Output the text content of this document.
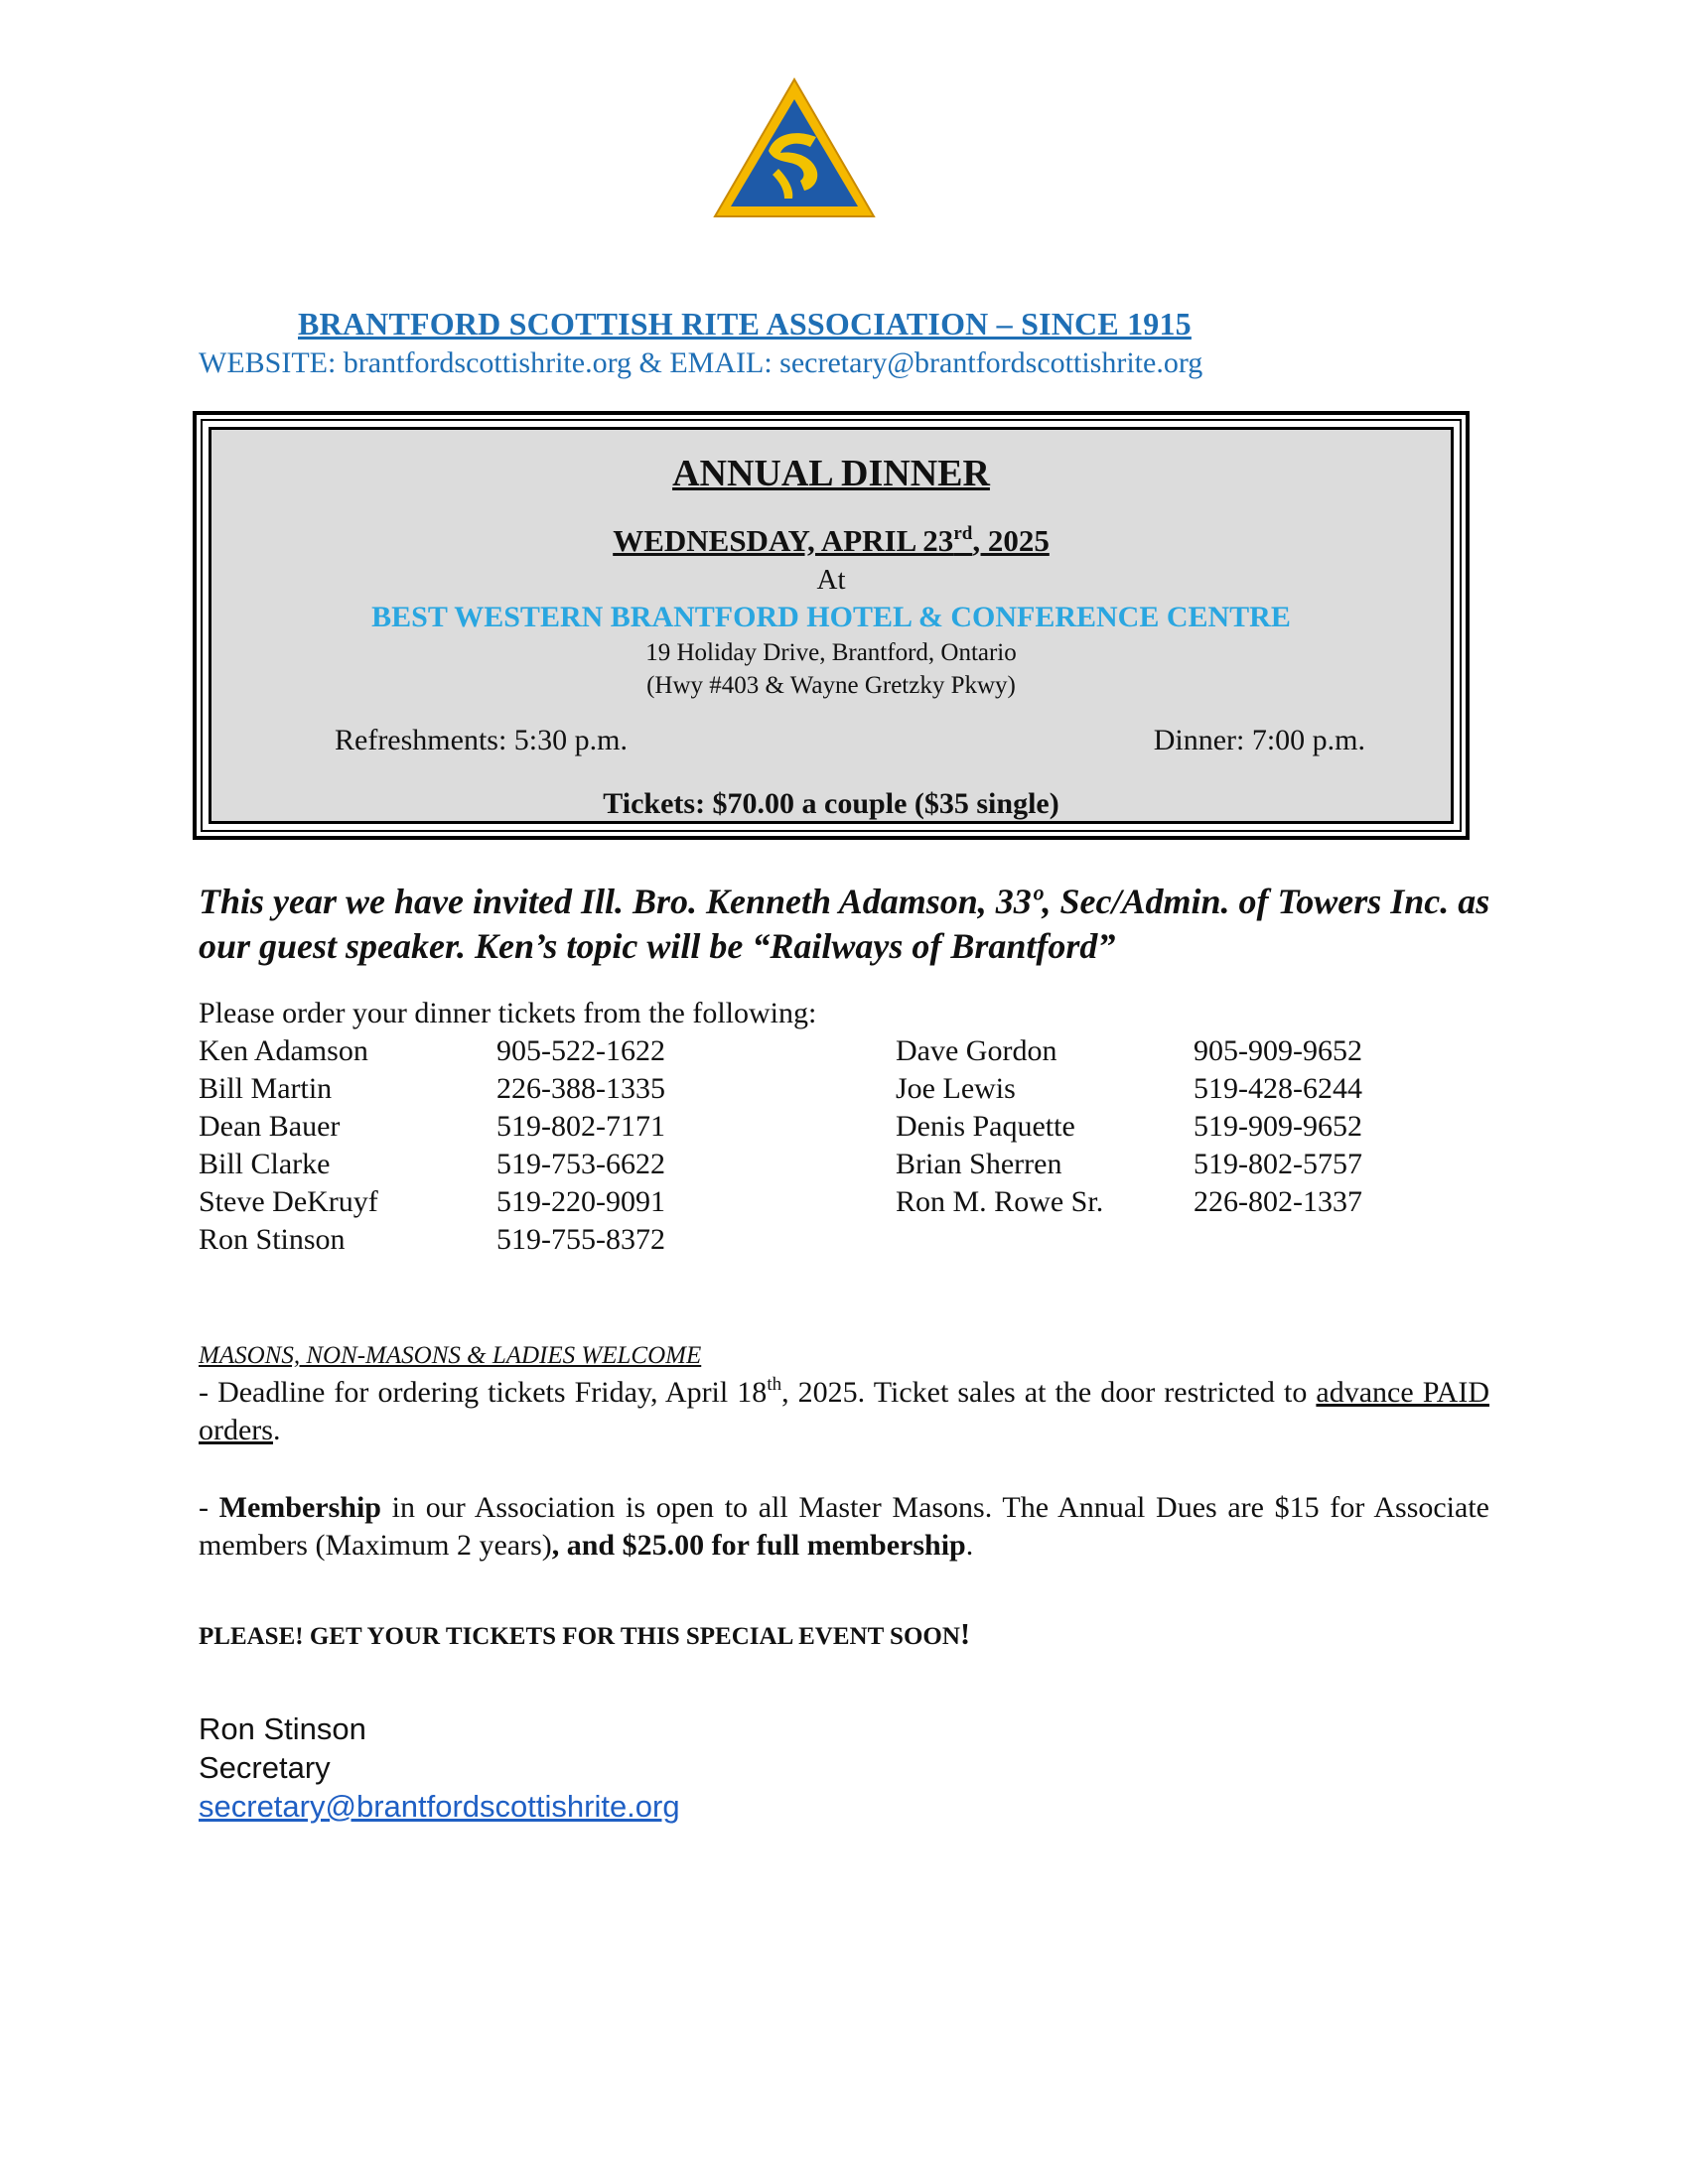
BRANTFORD SCOTTISH RITE ASSOCIATION – SINCE 1915
WEBSITE: brantfordscottishrite.org & EMAIL: secretary@brantfordscottishrite.org
ANNUAL DINNER
WEDNESDAY, APRIL 23rd, 2025
At
BEST WESTERN BRANTFORD HOTEL & CONFERENCE CENTRE
19 Holiday Drive, Brantford, Ontario
(Hwy #403 & Wayne Gretzky Pkwy)
Refreshments: 5:30 p.m.	Dinner: 7:00 p.m.
Tickets: $70.00 a couple ($35 single)
This year we have invited Ill. Bro. Kenneth Adamson, 33º, Sec/Admin. of Towers Inc. as our guest speaker. Ken’s topic will be “Railways of Brantford”
Please order your dinner tickets from the following:
Ken Adamson	905-522-1622
Bill Martin	226-388-1335
Dean Bauer	519-802-7171
Bill Clarke	519-753-6622
Steve DeKruyf	519-220-9091
Ron Stinson	519-755-8372
Dave Gordon	905-909-9652
Joe Lewis	519-428-6244
Denis Paquette	519-909-9652
Brian Sherren	519-802-5757
Ron M. Rowe Sr.	226-802-1337
MASONS, NON-MASONS & LADIES WELCOME
- Deadline for ordering tickets Friday, April 18th, 2025. Ticket sales at the door restricted to advance PAID orders.
- Membership in our Association is open to all Master Masons. The Annual Dues are $15 for Associate members (Maximum 2 years), and $25.00 for full membership.
PLEASE! GET YOUR TICKETS FOR THIS SPECIAL EVENT SOON!
Ron Stinson
Secretary
secretary@brantfordscottishrite.org
